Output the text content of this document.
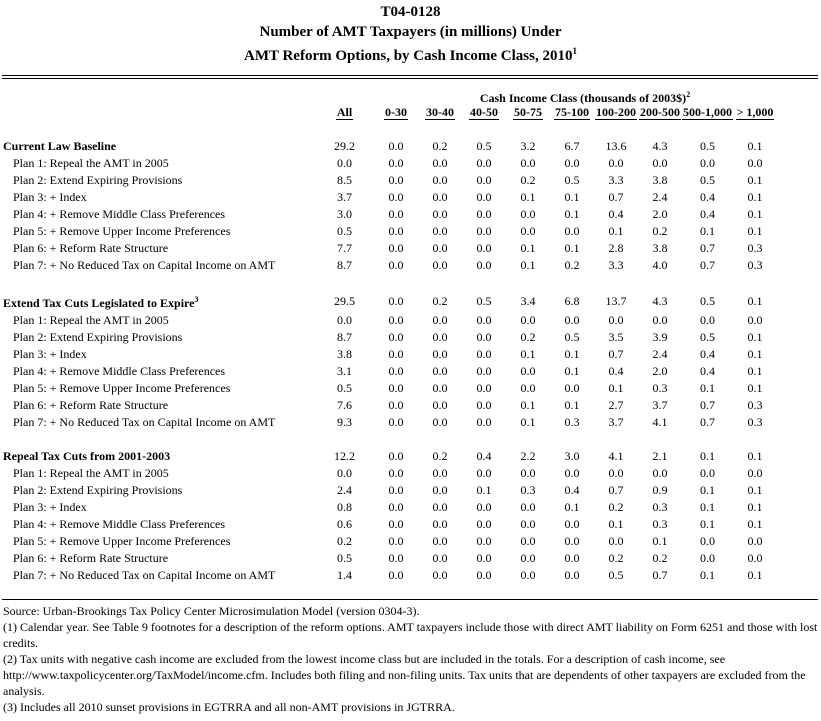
T04-0128
Number of AMT Taxpayers (in millions) Under
AMT Reform Options, by Cash Income Class, 2010$^1$
Cash Income Class (thousands of 2003$)$^2$
	All	0-30	30-40	40-50	50-75	75-100	100-200	200-500	500-1,000	> 1,000

Current Law Baseline	29.2	0.0	0.2	0.5	3.2	6.7	13.6	4.3	0.5	0.1
Plan 1: Repeal the AMT in 2005	0.0	0.0	0.0	0.0	0.0	0.0	0.0	0.0	0.0	0.0
Plan 2: Extend Expiring Provisions	8.5	0.0	0.0	0.0	0.2	0.5	3.3	3.8	0.5	0.1
Plan 3: + Index	3.7	0.0	0.0	0.0	0.1	0.1	0.7	2.4	0.4	0.1
Plan 4: + Remove Middle Class Preferences	3.0	0.0	0.0	0.0	0.0	0.1	0.4	2.0	0.4	0.1
Plan 5: + Remove Upper Income Preferences	0.5	0.0	0.0	0.0	0.0	0.0	0.1	0.2	0.1	0.1
Plan 6: + Reform Rate Structure	7.7	0.0	0.0	0.0	0.1	0.1	2.8	3.8	0.7	0.3
Plan 7: + No Reduced Tax on Capital Income on AMT	8.7	0.0	0.0	0.0	0.1	0.2	3.3	4.0	0.7	0.3

Extend Tax Cuts Legislated to Expire$^3$	29.5	0.0	0.2	0.5	3.4	6.8	13.7	4.3	0.5	0.1
Plan 1: Repeal the AMT in 2005	0.0	0.0	0.0	0.0	0.0	0.0	0.0	0.0	0.0	0.0
Plan 2: Extend Expiring Provisions	8.7	0.0	0.0	0.0	0.2	0.5	3.5	3.9	0.5	0.1
Plan 3: + Index	3.8	0.0	0.0	0.0	0.1	0.1	0.7	2.4	0.4	0.1
Plan 4: + Remove Middle Class Preferences	3.1	0.0	0.0	0.0	0.0	0.1	0.4	2.0	0.4	0.1
Plan 5: + Remove Upper Income Preferences	0.5	0.0	0.0	0.0	0.0	0.0	0.1	0.3	0.1	0.1
Plan 6: + Reform Rate Structure	7.6	0.0	0.0	0.0	0.1	0.1	2.7	3.7	0.7	0.3
Plan 7: + No Reduced Tax on Capital Income on AMT	9.3	0.0	0.0	0.0	0.1	0.3	3.7	4.1	0.7	0.3

Repeal Tax Cuts from 2001-2003	12.2	0.0	0.2	0.4	2.2	3.0	4.1	2.1	0.1	0.1
Plan 1: Repeal the AMT in 2005	0.0	0.0	0.0	0.0	0.0	0.0	0.0	0.0	0.0	0.0
Plan 2: Extend Expiring Provisions	2.4	0.0	0.0	0.1	0.3	0.4	0.7	0.9	0.1	0.1
Plan 3: + Index	0.8	0.0	0.0	0.0	0.0	0.1	0.2	0.3	0.1	0.1
Plan 4: + Remove Middle Class Preferences	0.6	0.0	0.0	0.0	0.0	0.0	0.1	0.3	0.1	0.1
Plan 5: + Remove Upper Income Preferences	0.2	0.0	0.0	0.0	0.0	0.0	0.0	0.1	0.0	0.0
Plan 6: + Reform Rate Structure	0.5	0.0	0.0	0.0	0.0	0.0	0.2	0.2	0.0	0.0
Plan 7: + No Reduced Tax on Capital Income on AMT	1.4	0.0	0.0	0.0	0.0	0.0	0.5	0.7	0.1	0.1

Source: Urban-Brookings Tax Policy Center Microsimulation Model (version 0304-3).

(1) Calendar year. See Table 9 footnotes for a description of the reform options. AMT taxpayers include those with direct AMT liability on Form 6251 and those with lost credits.

(2) Tax units with negative cash income are excluded from the lowest income class but are included in the totals. For a description of cash income, see http://www.taxpolicycenter.org/TaxModel/income.cfm. Includes both filing and non-filing units. Tax units that are dependents of other taxpayers are excluded from the analysis.

(3) Includes all 2010 sunset provisions in EGTRRA and all non-AMT provisions in JGTRRA.
